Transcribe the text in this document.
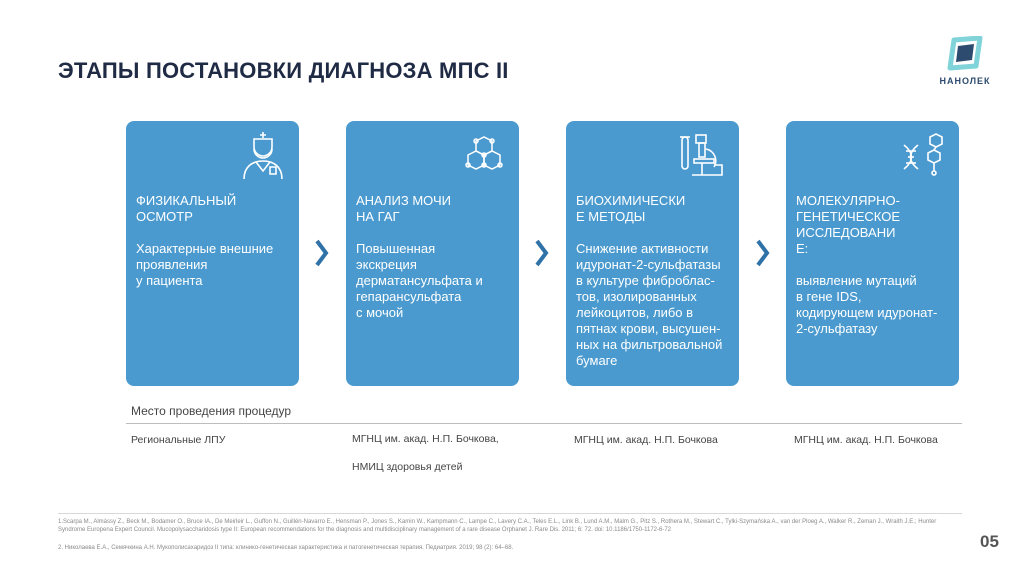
ЭТАПЫ ПОСТАНОВКИ ДИАГНОЗА МПС II	НАНОЛЕК
ФИЗИКАЛЬНЫЙ
ОСМОТР
Характерные внешние
проявления
у пациента
АНАЛИЗ МОЧИ
НА ГАГ
Повышенная
экскреция
дерматансульфата и
гепарансульфата
с мочой
БИОХИМИЧЕСКИ
Е МЕТОДЫ
Снижение активности
идуронат-2-сульфатазы
в культуре фиброблас-
тов, изолированных
лейкоцитов, либо в
пятнах крови, высушен-
ных на фильтровальной
бумаге
МОЛЕКУЛЯРНО-
ГЕНЕТИЧЕСКОЕ
ИССЛЕДОВАНИ
Е:
выявление мутаций
в гене IDS,
кодирующем идуронат-
2-сульфатазу
Место проведения процедур
Региональные ЛПУ	МГНЦ им. акад. Н.П. Бочкова,

НМИЦ здоровья детей
МГНЦ им. акад. Н.П. Бочкова	МГНЦ им. акад. Н.П. Бочкова
1.Scarpa M., Almássy Z., Beck M., Bodamer O., Bruce IA., De Meirleir L., Guffon N., Guillén-Navarro E., Hensman P., Jones S., Kamin W., Kampmann C., Lampe C., Lavery C.A., Teles E.L., Link B., Lund A.M., Malm G., Pitz S., Rothera M., Stewart C., Tylki-Szymańska A., van der Ploeg A., Walker R., Zeman J., Wraith J.E.; Hunter Syndrome Europena Expert Council. Mucopolysaccharidosis type II: European recommendations for the diagnosis and multidisciplinary management of a rare disease Orphanet J. Rare Dis. 2011; 6: 72. doi: 10.1186/1750-1172-6-72
2. Николаева Е.А., Семячкина А.Н. Мукополисахаридоз II типа: клинико-генетическая характеристика и патогенетическая терапия. Педиатрия. 2019; 98 (2): 64–68.	05
